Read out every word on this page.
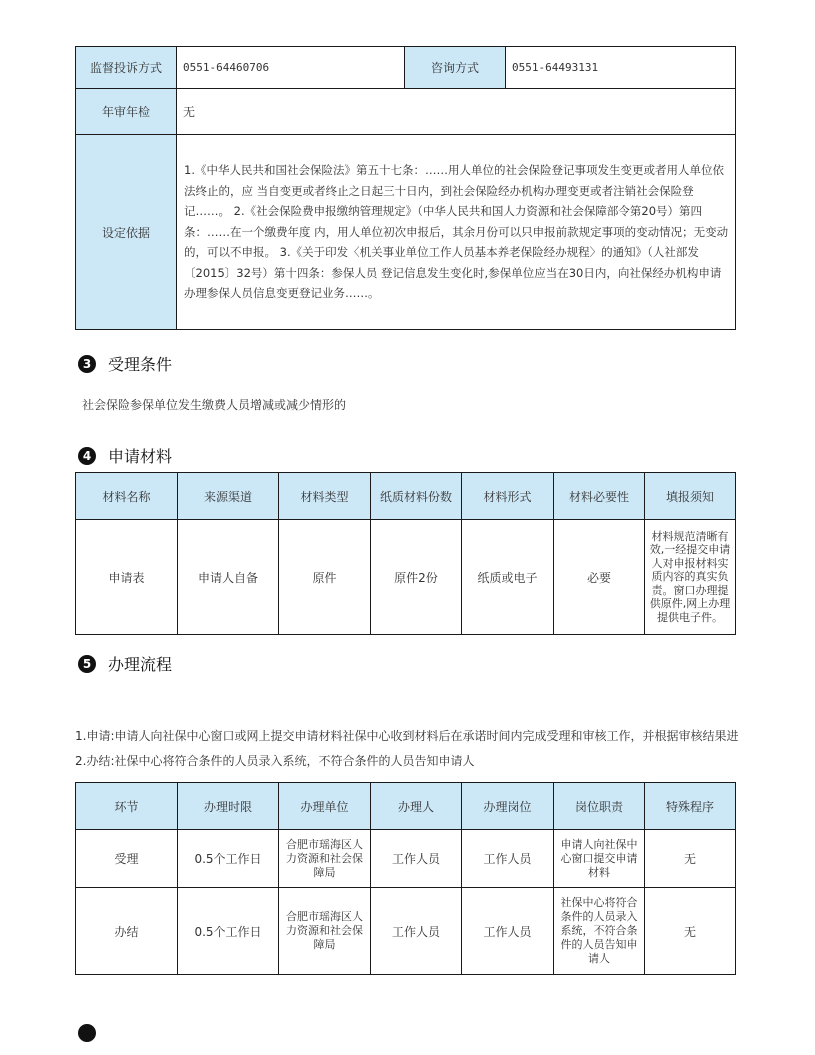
监督投诉方式	0551-64460706	咨询方式	0551-64493131
年审年检	无		
设定依据	1.《中华人民共和国社会保险法》第五十七条：……用人单位的社会保险登记事项发生变更或者用人单位依法终止的，应 当自变更或者终止之日起三十日内，到社会保险经办机构办理变更或者注销社会保险登记……。 2.《社会保险费申报缴纳管理规定》（中华人民共和国人力资源和社会保障部令第20号）第四条：……在一个缴费年度 内，用人单位初次申报后，其余月份可以只申报前款规定事项的变动情况；无变动的，可以不申报。 3.《关于印发〈机关事业单位工作人员基本养老保险经办规程〉的通知》（人社部发〔2015〕32号）第十四条：参保人员 登记信息发生变化时,参保单位应当在30日内，向社保经办机构申请办理参保人员信息变更登记业务……。		
3	受理条件
社会保险参保单位发生缴费人员增减或减少情形的
4	申请材料
材料名称	来源渠道	材料类型	纸质材料份数	材料形式	材料必要性	填报须知
申请表	申请人自备	原件	原件2份	纸质或电子	必要	材料规范清晰有效,一经提交申请人对申报材料实质内容的真实负责。窗口办理提供原件,网上办理提供电子件。
5	办理流程
1.申请:申请人向社保中心窗口或网上提交申请材料社保中心收到材料后在承诺时间内完成受理和审核工作，并根据审核结果进
2.办结:社保中心将符合条件的人员录入系统，不符合条件的人员告知申请人
环节	办理时限	办理单位	办理人	办理岗位	岗位职责	特殊程序
受理	0.5个工作日	合肥市瑶海区人力资源和社会保障局	工作人员	工作人员	申请人向社保中心窗口提交申请材料	无
办结	0.5个工作日	合肥市瑶海区人力资源和社会保障局	工作人员	工作人员	社保中心将符合条件的人员录入系统，不符合条件的人员告知申请人	无
